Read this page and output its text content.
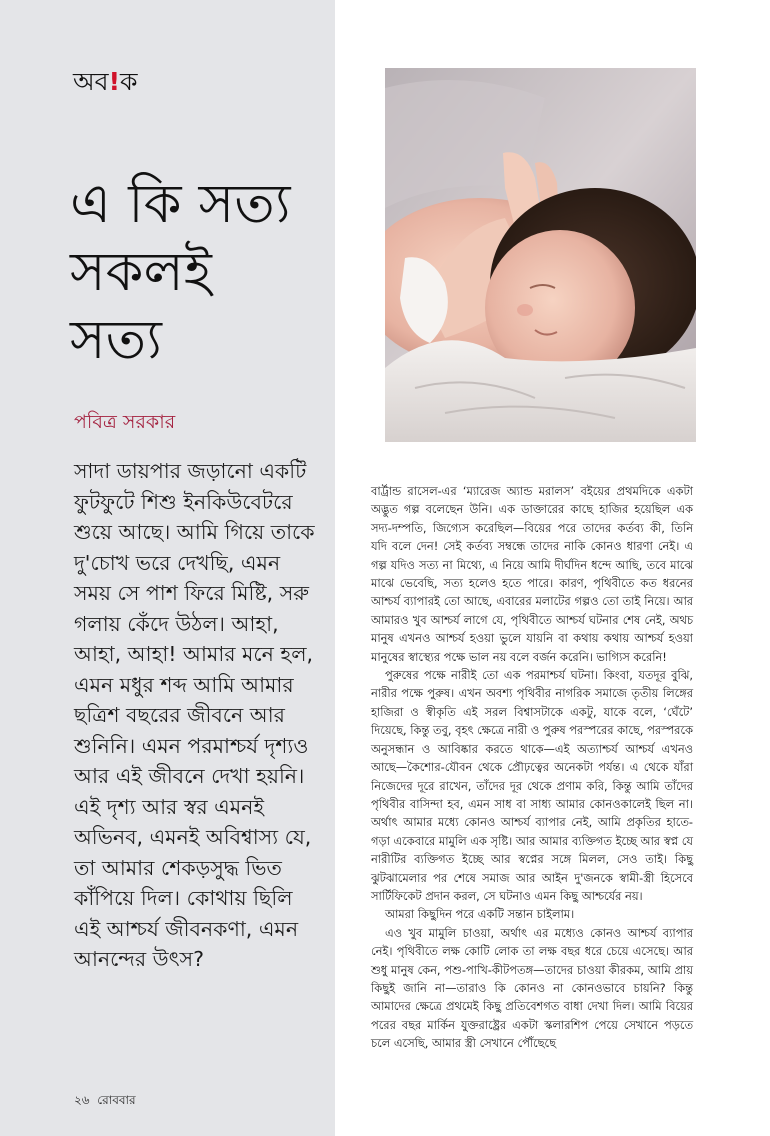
অব!ক
এ কি সত্য
সকলই
সত্য
পবিত্র সরকার

সাদা ডায়পার জড়ানো একটি ফুটফুটে শিশু ইনকিউবেটরে শুয়ে আছে। আমি গিয়ে তাকে দু'চোখ ভরে দেখছি, এমন সময় সে পাশ ফিরে মিষ্টি, সরু গলায় কেঁদে উঠল। আহা, আহা, আহা! আমার মনে হল, এমন মধুর শব্দ আমি আমার ছত্রিশ বছরের জীবনে আর শুনিনি। এমন পরমাশ্চর্য দৃশ্যও আর এই জীবনে দেখা হয়নি। এই দৃশ্য আর স্বর এমনই অভিনব, এমনই অবিশ্বাস্য যে, তা আমার শেকড়সুদ্ধ ভিত কাঁপিয়ে দিল। কোথায় ছিলি এই আশ্চর্য জীবনকণা, এমন আনন্দের উৎস?

২৬ রোববার

বার্ট্রান্ড রাসেল-এর ‘ম্যারেজ অ্যান্ড মরালস’ বইয়ের প্রথমদিকে একটা অদ্ভুত গল্প বলেছেন উনি। এক ডাক্তারের কাছে হাজির হয়েছিল এক সদ্য-দম্পতি, জিগ্যেস করেছিল—বিয়ের পরে তাদের কর্তব্য কী, তিনি যদি বলে দেন! সেই কর্তব্য সম্বন্ধে তাদের নাকি কোনও ধারণা নেই। এ গল্প যদিও সত্য না মিথ্যে, এ নিয়ে আমি দীর্ঘদিন ধন্দে আছি, তবে মাঝে মাঝে ভেবেছি, সত্য হলেও হতে পারে। কারণ, পৃথিবীতে কত ধরনের আশ্চর্য ব্যাপারই তো আছে, এবারের মলাটের গল্পও তো তাই নিয়ে। আর আমারও খুব আশ্চর্য লাগে যে, পৃথিবীতে আশ্চর্য ঘটনার শেষ নেই, অথচ মানুষ এখনও আশ্চর্য হওয়া ভুলে যায়নি বা কথায় কথায় আশ্চর্য হওয়া মানুষের স্বাস্থ্যের পক্ষে ভাল নয় বলে বর্জন করেনি। ভাগ্যিস করেনি!

পুরুষের পক্ষে নারীই তো এক পরমাশ্চর্য ঘটনা। কিংবা, যতদূর বুঝি, নারীর পক্ষে পুরুষ। এখন অবশ্য পৃথিবীর নাগরিক সমাজে তৃতীয় লিঙ্গের হাজিরা ও স্বীকৃতি এই সরল বিশ্বাসটাকে একটু, যাকে বলে, ‘ঘেঁটে’ দিয়েছে, কিন্তু তবু, বৃহৎ ক্ষেত্রে নারী ও পুরুষ পরস্পরের কাছে, পরস্পরকে অনুসন্ধান ও আবিষ্কার করতে থাকে—এই অত্যাশ্চর্য আশ্চর্য এখনও আছে—কৈশোর-যৌবন থেকে প্রৌঢ়ত্বের অনেকটা পর্যন্ত। এ থেকে যাঁরা নিজেদের দূরে রাখেন, তাঁদের দূর থেকে প্রণাম করি, কিন্তু আমি তাঁদের পৃথিবীর বাসিন্দা হব, এমন সাধ বা সাধ্য আমার কোনওকালেই ছিল না। অর্থাৎ আমার মধ্যে কোনও আশ্চর্য ব্যাপার নেই, আমি প্রকৃতির হাতে-গড়া একেবারে মামুলি এক সৃষ্টি। আর আমার ব্যক্তিগত ইচ্ছে আর স্বপ্ন যে নারীটির ব্যক্তিগত ইচ্ছে আর স্বপ্নের সঙ্গে মিলল, সেও তাই। কিছু ঝুটঝামেলার পর শেষে সমাজ আর আইন দু'জনকে স্বামী-স্ত্রী হিসেবে সার্টিফিকেট প্রদান করল, সে ঘটনাও এমন কিছু আশ্চর্যের নয়।

আমরা কিছুদিন পরে একটি সন্তান চাইলাম।

এও খুব মামুলি চাওয়া, অর্থাৎ এর মধ্যেও কোনও আশ্চর্য ব্যাপার নেই। পৃথিবীতে লক্ষ কোটি লোক তা লক্ষ বছর ধরে চেয়ে এসেছে। আর শুধু মানুষ কেন, পশু-পাখি-কীটপতঙ্গ—তাদের চাওয়া কীরকম, আমি প্রায় কিছুই জানি না—তারাও কি কোনও না কোনওভাবে চায়নি? কিন্তু আমাদের ক্ষেত্রে প্রথমেই কিছু প্রতিবেশগত বাধা দেখা দিল। আমি বিয়ের পরের বছর মার্কিন যুক্তরাষ্ট্রের একটা স্কলারশিপ পেয়ে সেখানে পড়তে চলে এসেছি, আমার স্ত্রী সেখানে পৌঁছেছে
